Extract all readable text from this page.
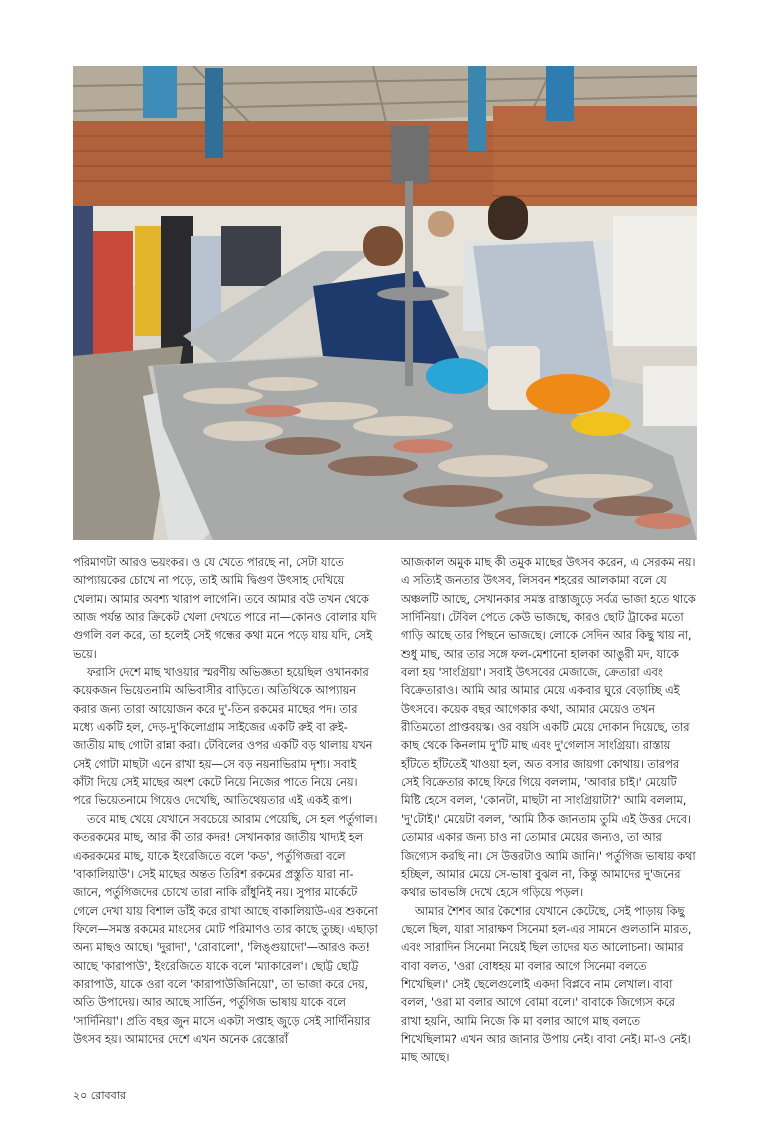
পরিমাণটা আরও ভয়ংকর। ও যে খেতে পারছে না, সেটা যাতে আপ্যায়কের চোখে না পড়ে, তাই আমি দ্বিগুণ উৎসাহ দেখিয়ে খেলাম। আমার অবশ্য খারাপ লাগেনি। তবে আমার বউ তখন থেকে আজ পর্যন্ত আর ক্রিকেট খেলা দেখতে পারে না—কোনও বোলার যদি গুগলি বল করে, তা হলেই সেই গন্ধের কথা মনে পড়ে যায় যদি, সেই ভয়ে।

ফরাসি দেশে মাছ খাওয়ার স্মরণীয় অভিজ্ঞতা হয়েছিল ওখানকার কয়েকজন ভিয়েতনামি অভিবাসীর বাড়িতে। অতিথিকে আপ্যায়ন করার জন্য তারা আয়োজন করে দু'-তিন রকমের মাছের পদ। তার মধ্যে একটি হল, দেড়-দু'কিলোগ্রাম সাইজের একটি রুই বা রুই-জাতীয় মাছ গোটা রান্না করা। টেবিলের ওপর একটি বড় থালায় যখন সেই গোটা মাছটা এনে রাখা হয়—সে বড় নয়নাভিরাম দৃশ্য। সবাই কাঁটা দিয়ে সেই মাছের অংশ কেটে নিয়ে নিজের পাতে নিয়ে নেয়। পরে ভিয়েতনামে গিয়েও দেখেছি, আতিথেয়তার এই একই রূপ।

তবে মাছ খেয়ে যেখানে সবচেয়ে আরাম পেয়েছি, সে হল পর্তুগাল। কতরকমের মাছ, আর কী তার কদর! সেখানকার জাতীয় খাদ্যই হল একরকমের মাছ, যাকে ইংরেজিতে বলে 'কড', পর্তুগিজরা বলে 'বাকালিয়াউ'। সেই মাছের অন্তত তিরিশ রকমের প্রস্তুতি যারা না-জানে, পর্তুগিজদের চোখে তারা নাকি রাঁধুনিই নয়। সুপার মার্কেটে গেলে দেখা যায় বিশাল ডাঁই করে রাখা আছে বাকালিয়াউ-এর শুকনো ফিলে—সমস্ত রকমের মাংসের মোট পরিমাণও তার কাছে তুচ্ছ। এছাড়া অন্য মাছও আছে। 'দুরাদা', 'রোবালো', 'লিঙ্গুয়াদো'—আরও কত! আছে 'কারাপাউ', ইংরেজিতে যাকে বলে 'ম্যাকারেল'। ছোট্ট ছোট্ট কারাপাউ, যাকে ওরা বলে 'কারাপাউজিনিয়ো', তা ভাজা করে দেয়, অতি উপাদেয়। আর আছে সার্ডিন, পর্তুগিজ ভাষায় যাকে বলে 'সার্দিনিয়া'। প্রতি বছর জুন মাসে একটা সপ্তাহ জুড়ে সেই সার্দিনিয়ার উৎসব হয়। আমাদের দেশে এখন অনেক রেস্তোরাঁ

আজকাল অমুক মাছ কী তমুক মাছের উৎসব করেন, এ সেরকম নয়। এ সত্যিই জনতার উৎসব, লিসবন শহরের আলকামা বলে যে অঞ্চলটি আছে, সেখানকার সমস্ত রাস্তাজুড়ে সর্বত্র ভাজা হতে থাকে সার্দিনিয়া। টেবিল পেতে কেউ ভাজছে, কারও ছোট ট্রাকের মতো গাড়ি আছে তার পিছনে ভাজছে। লোকে সেদিন আর কিছু খায় না, শুধু মাছ, আর তার সঙ্গে ফল-মেশানো হালকা আঙুরী মদ, যাকে বলা হয় 'সাংগ্রিয়া'। সবাই উৎসবের মেজাজে, ক্রেতারা এবং বিক্রেতারাও। আমি আর আমার মেয়ে একবার ঘুরে বেড়াচ্ছি এই উৎসবে। কয়েক বছর আগেকার কথা, আমার মেয়েও তখন রীতিমতো প্রাপ্তবয়স্ক। ওর বয়সি একটি মেয়ে দোকান দিয়েছে, তার কাছ থেকে কিনলাম দু'টি মাছ এবং দু'গেলাস সাংগ্রিয়া। রাস্তায় হাঁটতে হাঁটতেই খাওয়া হল, অত বসার জায়গা কোথায়। তারপর সেই বিক্রেতার কাছে ফিরে গিয়ে বললাম, 'আবার চাই।' মেয়েটি মিষ্টি হেসে বলল, 'কোনটা, মাছটা না সাংগ্রিয়াটা?' আমি বললাম, 'দু'টোই।' মেয়েটা বলল, 'আমি ঠিক জানতাম তুমি এই উত্তর দেবে। তোমার একার জন্য চাও না তোমার মেয়ের জন্যও, তা আর জিগ্যেস করছি না। সে উত্তরটাও আমি জানি।' পর্তুগিজ ভাষায় কথা হচ্ছিল, আমার মেয়ে সে-ভাষা বুঝল না, কিন্তু আমাদের দু'জনের কথার ভাবভঙ্গি দেখে হেসে গড়িয়ে পড়ল।

আমার শৈশব আর কৈশোর যেখানে কেটেছে, সেই পাড়ায় কিছু ছেলে ছিল, যারা সারাক্ষণ সিনেমা হল-এর সামনে গুলতানি মারত, এবং সারাদিন সিনেমা নিয়েই ছিল তাদের যত আলোচনা। আমার বাবা বলত, 'ওরা বোধহয় মা বলার আগে সিনেমা বলতে শিখেছিল।' সেই ছেলেগুলোই একদা বিপ্লবে নাম লেখাল। বাবা বলল, 'ওরা মা বলার আগে বোমা বলে।' বাবাকে জিগ্যেস করে রাখা হয়নি, আমি নিজে কি মা বলার আগে মাছ বলতে শিখেছিলাম? এখন আর জানার উপায় নেই। বাবা নেই। মা-ও নেই। মাছ আছে।

২০ রোববার
